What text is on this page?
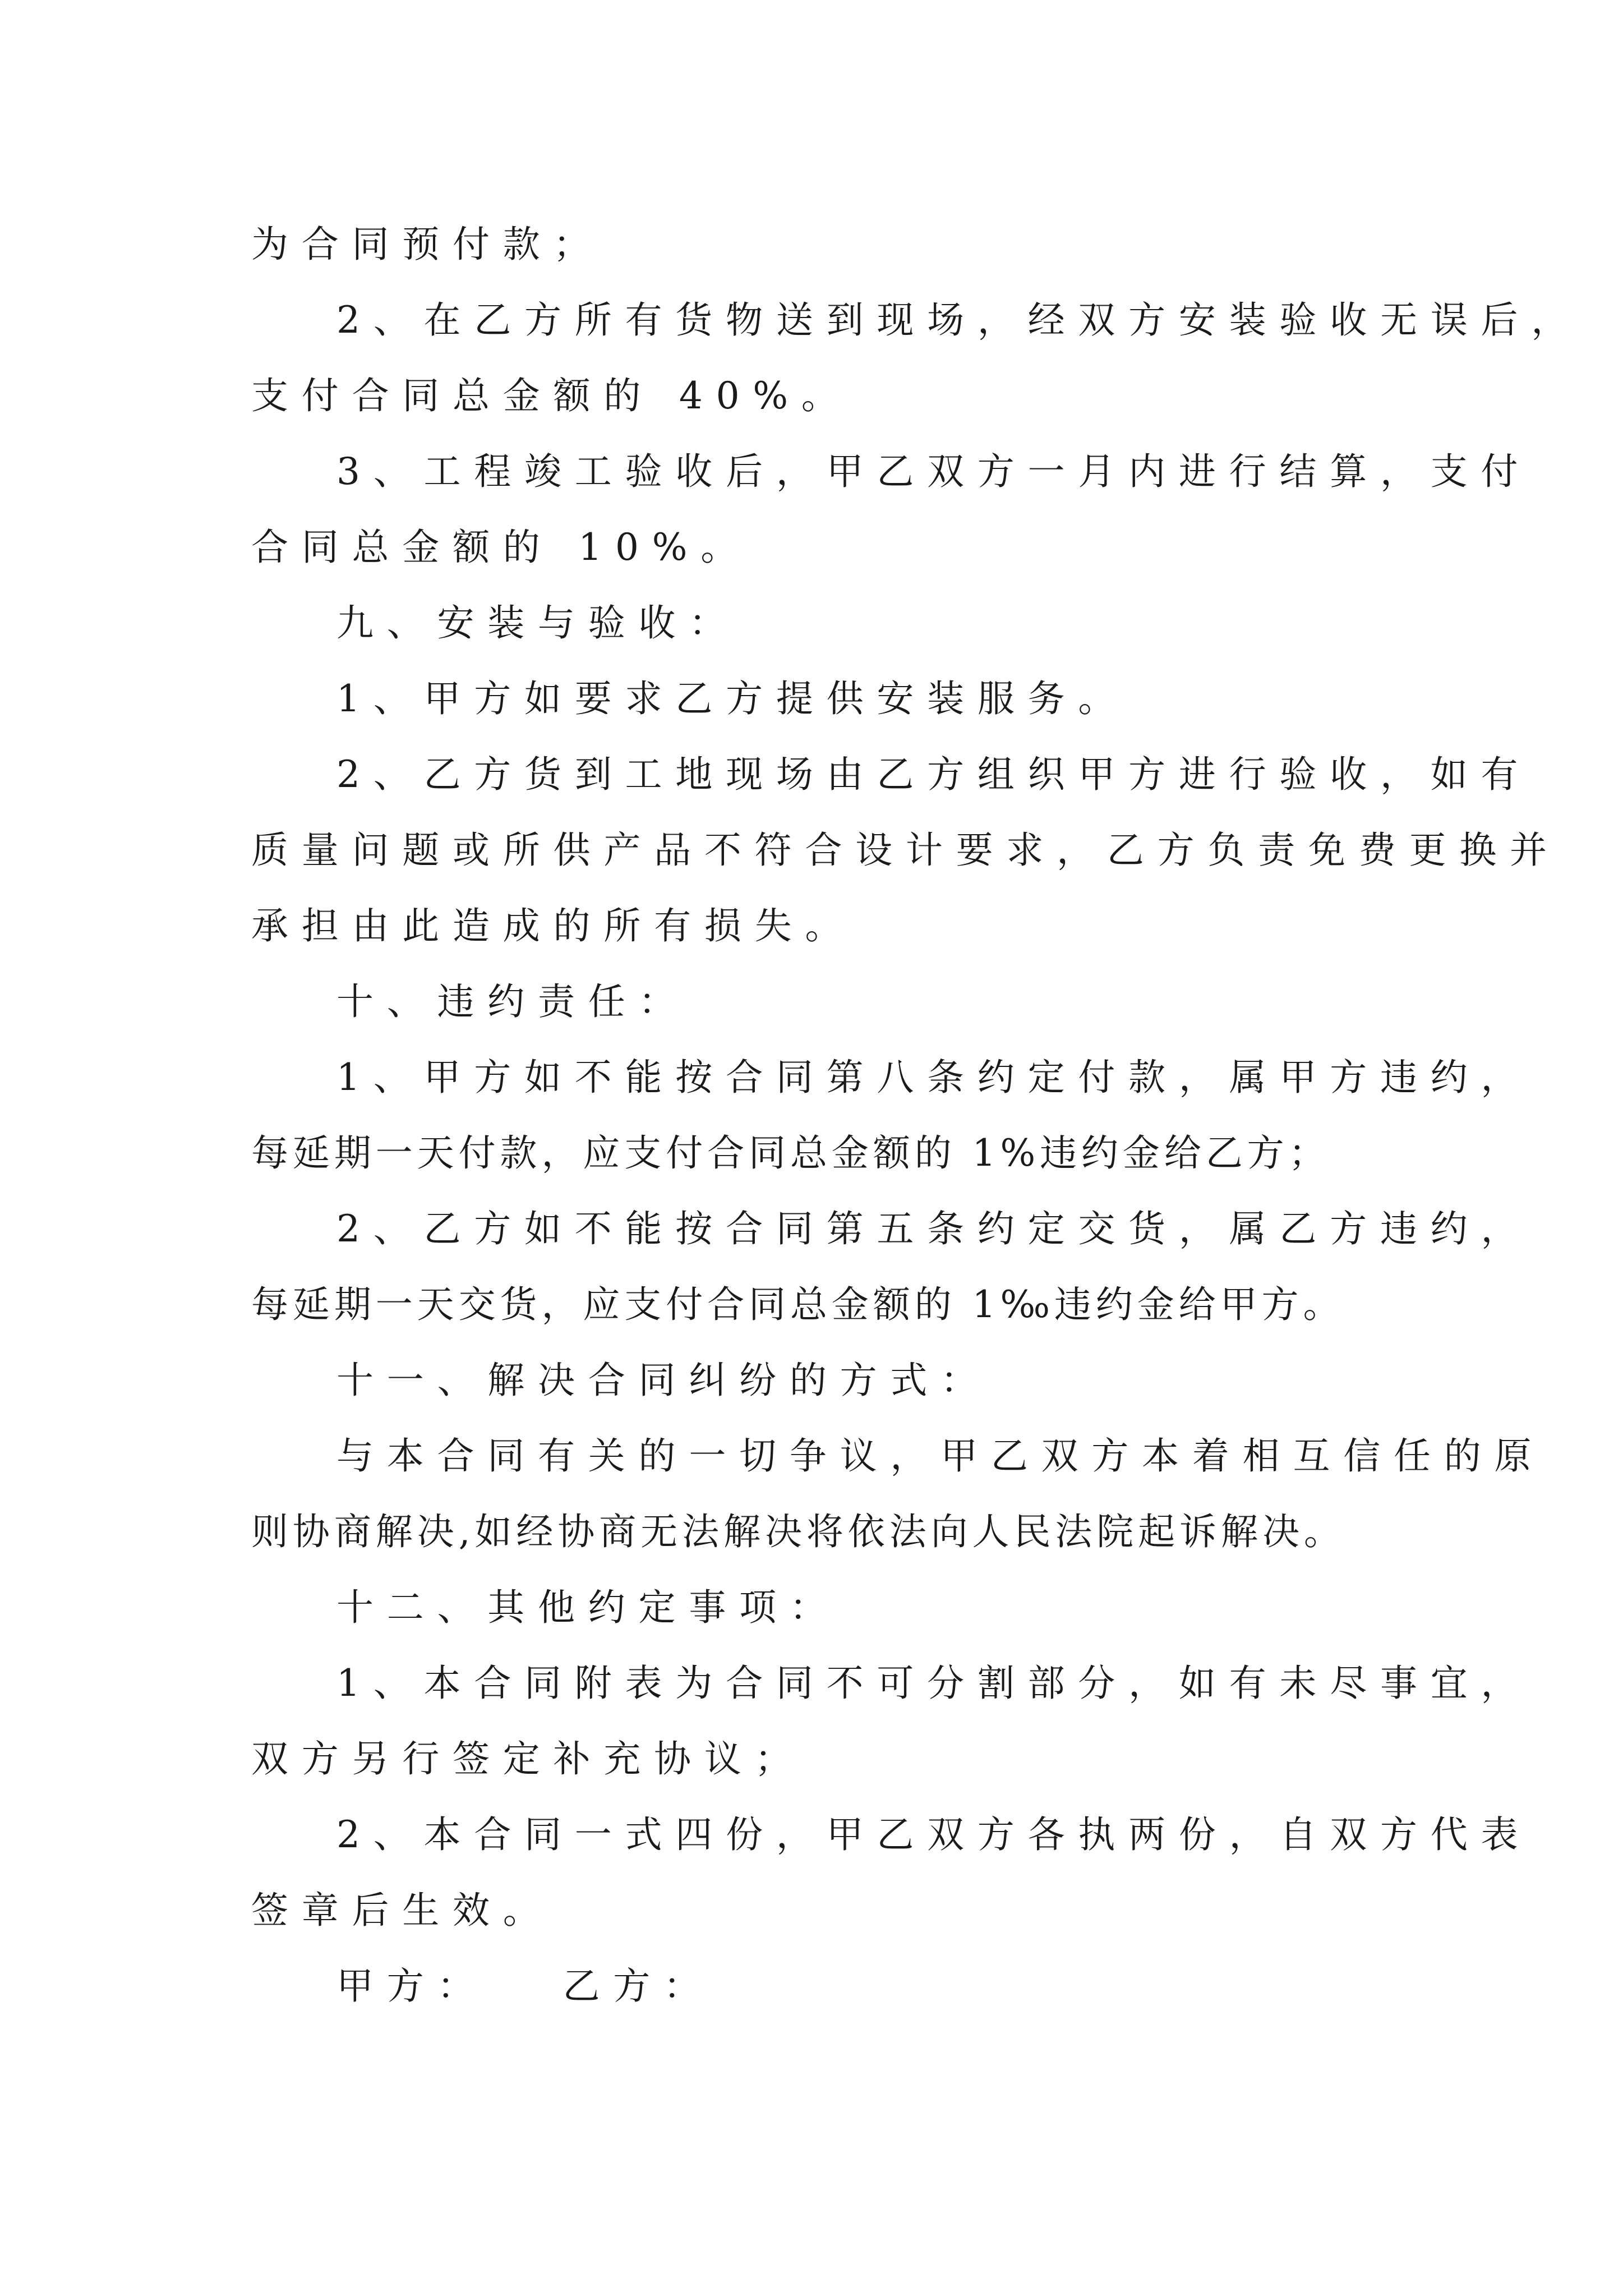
为合同预付款；
2、在乙方所有货物送到现场，经双方安装验收无误后，
支付合同总金额的 40%。
3、工程竣工验收后，甲乙双方一月内进行结算，支付
合同总金额的 10%。
九、安装与验收：
1、甲方如要求乙方提供安装服务。
2、乙方货到工地现场由乙方组织甲方进行验收，如有
质量问题或所供产品不符合设计要求，乙方负责免费更换并
承担由此造成的所有损失。
十、违约责任：
1、甲方如不能按合同第八条约定付款，属甲方违约，
每延期一天付款，应支付合同总金额的 1%违约金给乙方；
2、乙方如不能按合同第五条约定交货，属乙方违约，
每延期一天交货，应支付合同总金额的 1‰违约金给甲方。
十一、解决合同纠纷的方式：
与本合同有关的一切争议，甲乙双方本着相互信任的原
则协商解决,如经协商无法解决将依法向人民法院起诉解决。
十二、其他约定事项：
1、本合同附表为合同不可分割部分，如有未尽事宜，
双方另行签定补充协议；
2、本合同一式四份，甲乙双方各执两份，自双方代表
签章后生效。
甲方：   乙方：
